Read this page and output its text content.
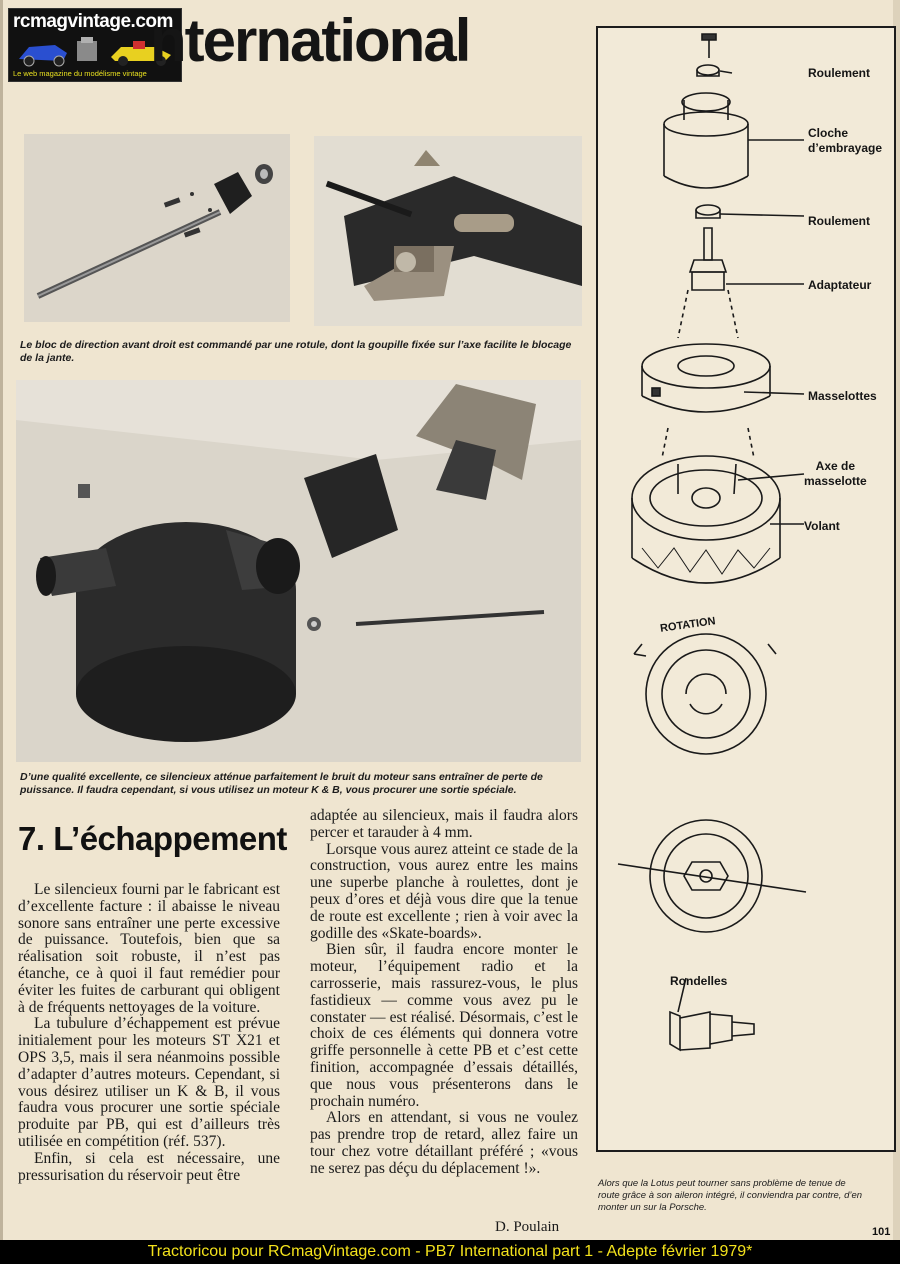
rcmagvintage.com
Le web magazine du modélisme vintage nternational
Le bloc de direction avant droit est commandé par une rotule, dont la goupille fixée sur l’axe facilite le blocage de la jante.
D’une qualité excellente, ce silencieux atténue parfaitement le bruit du moteur sans entraîner de perte de puissance. Il faudra cependant, si vous utilisez un moteur K & B, vous procurer une sortie spéciale.
7. L’échappement

Le silencieux fourni par le fabricant est d’excellente facture : il abaisse le niveau sonore sans entraîner une perte excessive de puissance. Toutefois, bien que sa réalisation soit robuste, il n’est pas étanche, ce à quoi il faut remédier pour éviter les fuites de carburant qui obligent à de fréquents nettoyages de la voiture.

La tubulure d’échappement est prévue initialement pour les moteurs ST X21 et OPS 3,5, mais il sera néanmoins possible d’adapter d’autres moteurs. Cependant, si vous désirez utiliser un K & B, il vous faudra vous procurer une sortie spéciale produite par PB, qui est d’ailleurs très utilisée en compétition (réf. 537).

Enfin, si cela est nécessaire, une pressurisation du réservoir peut être

adaptée au silencieux, mais il faudra alors percer et tarauder à 4 mm.

Lorsque vous aurez atteint ce stade de la construction, vous aurez entre les mains une superbe planche à roulettes, dont je peux d’ores et déjà vous dire que la tenue de route est excellente ; rien à voir avec la godille des «Skate-boards».

Bien sûr, il faudra encore monter le moteur, l’équipement radio et la carrosserie, mais rassurez-vous, le plus fastidieux — comme vous avez pu le constater — est réalisé. Désormais, c’est le choix de ces éléments qui donnera votre griffe personnelle à cette PB et c’est cette finition, accompagnée d’essais détaillés, que nous vous présenterons dans le prochain numéro.

Alors en attendant, si vous ne voulez pas prendre trop de retard, allez faire un tour chez votre détaillant préféré ; «vous ne serez pas déçu du déplacement !».

D. Poulain
Roulement
Cloche
d’embrayage
Roulement
Adaptateur
Masselottes
Axe de
masselotte
Volant
ROTATION
Rondelles
Alors que la Lotus peut tourner sans problème de tenue de route grâce à son aileron intégré, il conviendra par contre, d’en monter un sur la Porsche.
101
Tractoricou pour RCmagVintage.com - PB7 International part 1 - Adepte février 1979*
